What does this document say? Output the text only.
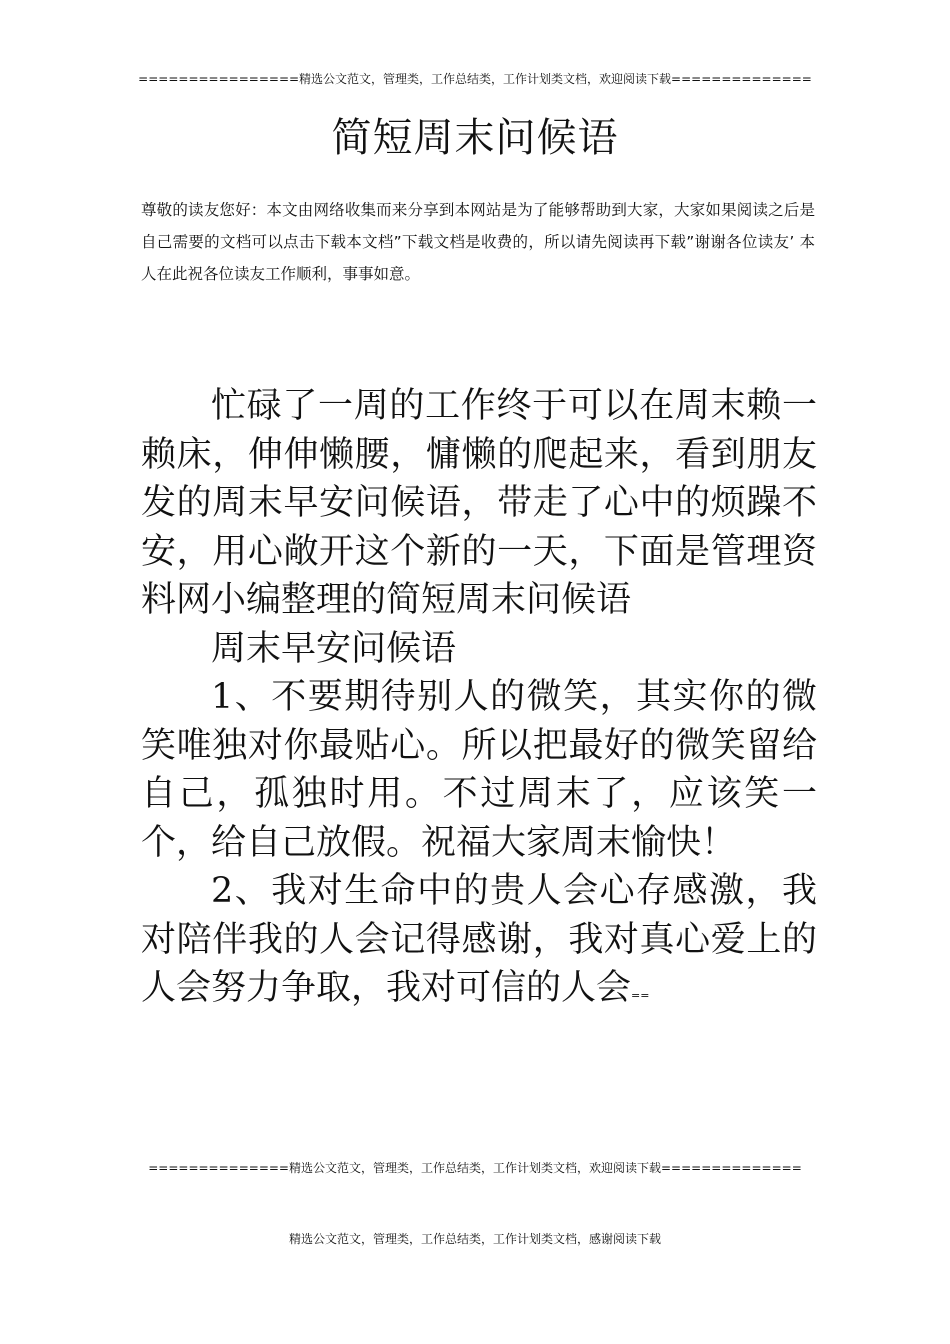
================精选公文范文，管理类，工作总结类，工作计划类文档，欢迎阅读下载==============
简短周末问候语

尊敬的读友您好：本文由网络收集而来分享到本网站是为了能够帮助到大家，大家如果阅读之后是自己需要的文档可以点击下载本文档”下载文档是收费的，所以请先阅读再下载”谢谢各位读友’ 本人在此祝各位读友工作顺利，事事如意。

忙碌了一周的工作终于可以在周末赖一赖床，伸伸懒腰，慵懒的爬起来，看到朋友发的周末早安问候语，带走了心中的烦躁不安，用心敞开这个新的一天，下面是管理资料网小编整理的简短周末问候语

周末早安问候语

1、不要期待别人的微笑，其实你的微笑唯独对你最贴心。所以把最好的微笑留给自己，孤独时用。不过周末了，应该笑一个，给自己放假。祝福大家周末愉快！

2、我对生命中的贵人会心存感激，我对陪伴我的人会记得感谢，我对真心爱上的人会努力争取，我对可信的人会==

==============精选公文范文，管理类，工作总结类，工作计划类文档，欢迎阅读下载==============
精选公文范文，管理类，工作总结类，工作计划类文档，感谢阅读下载
